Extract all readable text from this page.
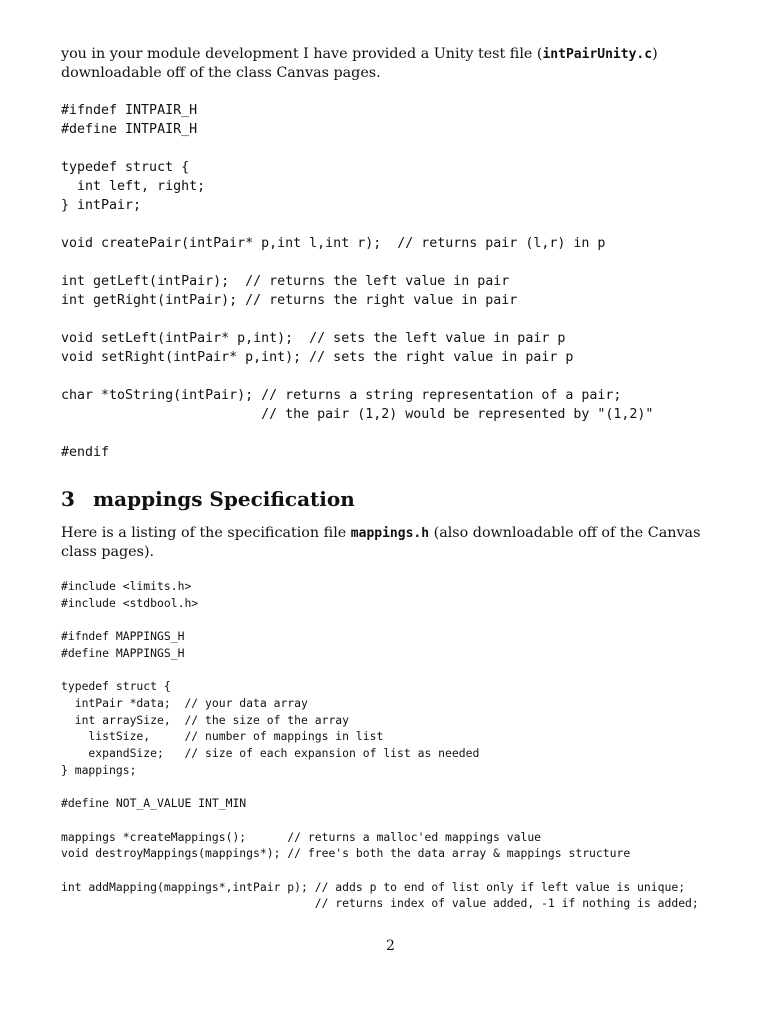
you in your module development I have provided a Unity test file (intPairUnity.c) downloadable off of the class Canvas pages.

#ifndef INTPAIR_H
#define INTPAIR_H

typedef struct {
int left, right;
} intPair;

void createPair(intPair* p,int l,int r);  // returns pair (l,r) in p

int getLeft(intPair);  // returns the left value in pair
int getRight(intPair); // returns the right value in pair

void setLeft(intPair* p,int);  // sets the left value in pair p
void setRight(intPair* p,int); // sets the right value in pair p

char *toString(intPair); // returns a string representation of a pair;
// the pair (1,2) would be represented by "(1,2)"

#endif
3 mappings Specification

Here is a listing of the specification file mappings.h (also downloadable off of the Canvas class pages).

#include <limits.h>
#include <stdbool.h>

#ifndef MAPPINGS_H
#define MAPPINGS_H

typedef struct {
intPair *data;  // your data array
int arraySize,  // the size of the array
listSize,     // number of mappings in list
expandSize;   // size of each expansion of list as needed
} mappings;

#define NOT_A_VALUE INT_MIN

mappings *createMappings();      // returns a malloc'ed mappings value
void destroyMappings(mappings*); // free's both the data array & mappings structure

int addMapping(mappings*,intPair p); // adds p to end of list only if left value is unique;
// returns index of value added, -1 if nothing is added;
2
